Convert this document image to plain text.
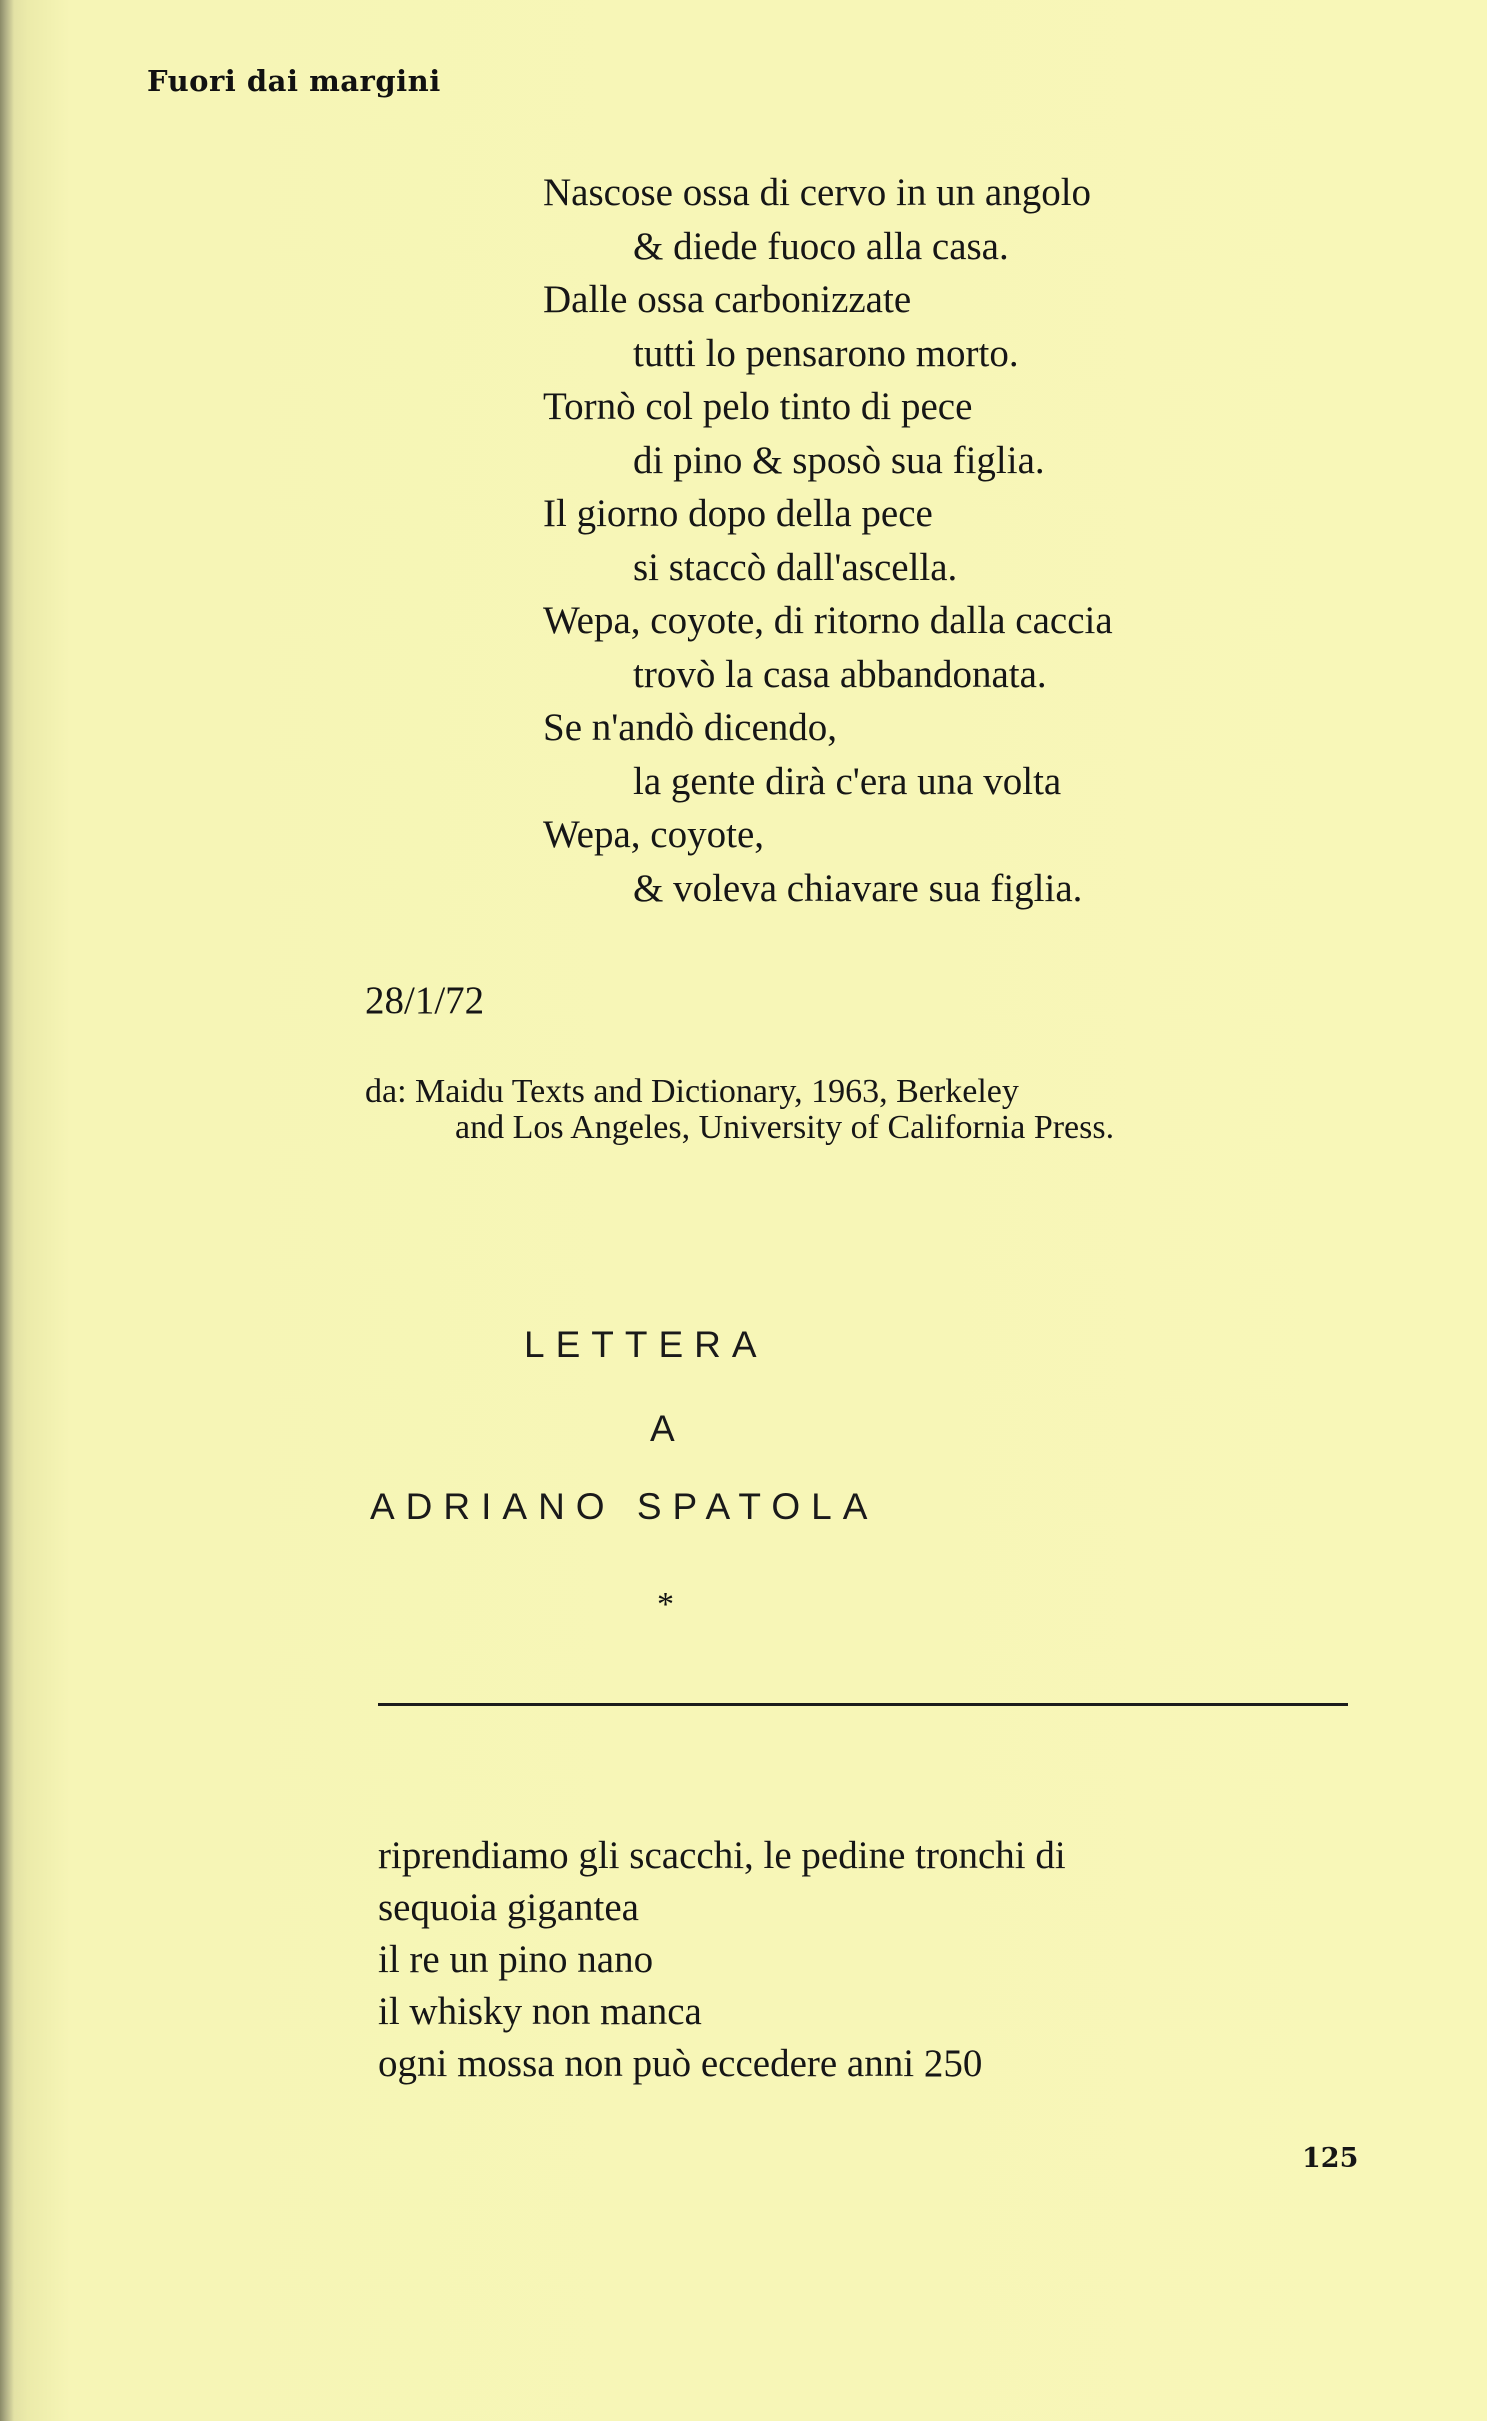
Fuori dai margini
Nascose ossa di cervo in un angolo
& diede fuoco alla casa.
Dalle ossa carbonizzate
tutti lo pensarono morto.
Tornò col pelo tinto di pece
di pino & sposò sua figlia.
Il giorno dopo della pece
si staccò dall'ascella.
Wepa, coyote, di ritorno dalla caccia
trovò la casa abbandonata.
Se n'andò dicendo,
la gente dirà c'era una volta
Wepa, coyote,
& voleva chiavare sua figlia.
28/1/72
da: Maidu Texts and Dictionary, 1963, Berkeley
and Los Angeles, University of California Press.
LETTERA
A
ADRIANO SPATOLA
*
riprendiamo gli scacchi, le pedine tronchi di
sequoia gigantea
il re un pino nano
il whisky non manca
ogni mossa non può eccedere anni 250
125
